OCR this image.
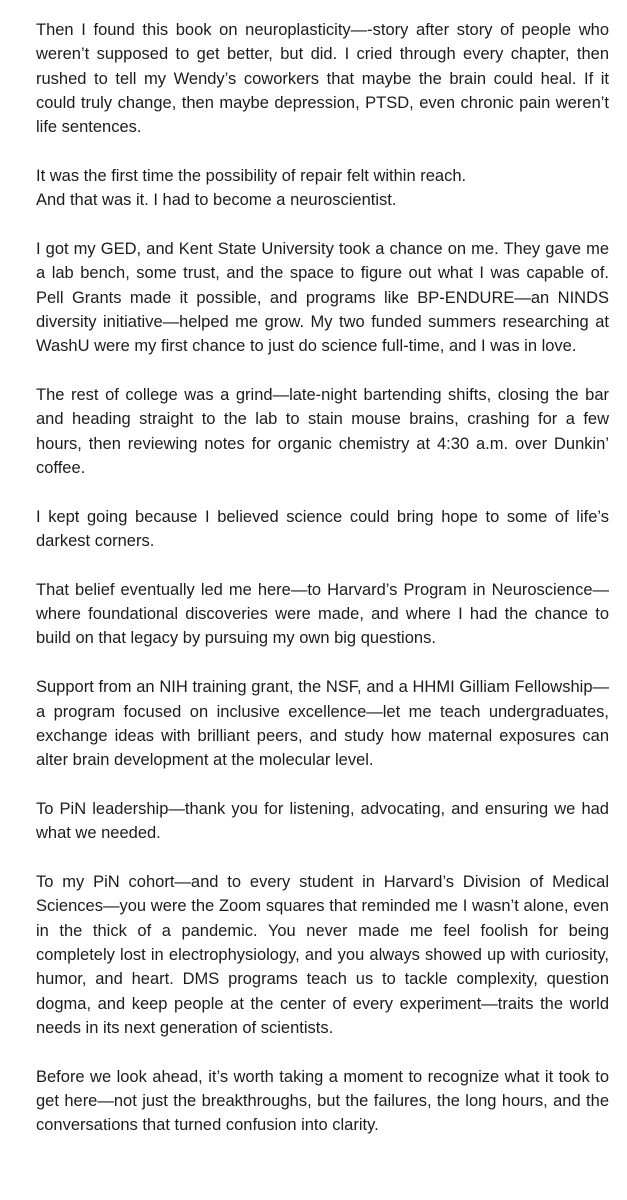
Then I found this book on neuroplasticity—-story after story of people who weren’t supposed to get better, but did. I cried through every chapter, then rushed to tell my Wendy’s coworkers that maybe the brain could heal. If it could truly change, then maybe depression, PTSD, even chronic pain weren’t life sentences.

It was the first time the possibility of repair felt within reach.
And that was it. I had to become a neuroscientist.

I got my GED, and Kent State University took a chance on me. They gave me a lab bench, some trust, and the space to figure out what I was capable of. Pell Grants made it possible, and programs like BP-ENDURE—an NINDS diversity initiative—helped me grow. My two funded summers researching at WashU were my first chance to just do science full-time, and I was in love.

The rest of college was a grind—late-night bartending shifts, closing the bar and heading straight to the lab to stain mouse brains, crashing for a few hours, then reviewing notes for organic chemistry at 4:30 a.m. over Dunkin’ coffee.

I kept going because I believed science could bring hope to some of life’s darkest corners.

That belief eventually led me here—to Harvard’s Program in Neuroscience—where foundational discoveries were made, and where I had the chance to build on that legacy by pursuing my own big questions.

Support from an NIH training grant, the NSF, and a HHMI Gilliam Fellowship—a program focused on inclusive excellence—let me teach undergraduates, exchange ideas with brilliant peers, and study how maternal exposures can alter brain development at the molecular level.

To PiN leadership—thank you for listening, advocating, and ensuring we had what we needed.

To my PiN cohort—and to every student in Harvard’s Division of Medical Sciences—you were the Zoom squares that reminded me I wasn’t alone, even in the thick of a pandemic. You never made me feel foolish for being completely lost in electrophysiology, and you always showed up with curiosity, humor, and heart. DMS programs teach us to tackle complexity, question dogma, and keep people at the center of every experiment—traits the world needs in its next generation of scientists.

Before we look ahead, it’s worth taking a moment to recognize what it took to get here—not just the breakthroughs, but the failures, the long hours, and the conversations that turned confusion into clarity.
